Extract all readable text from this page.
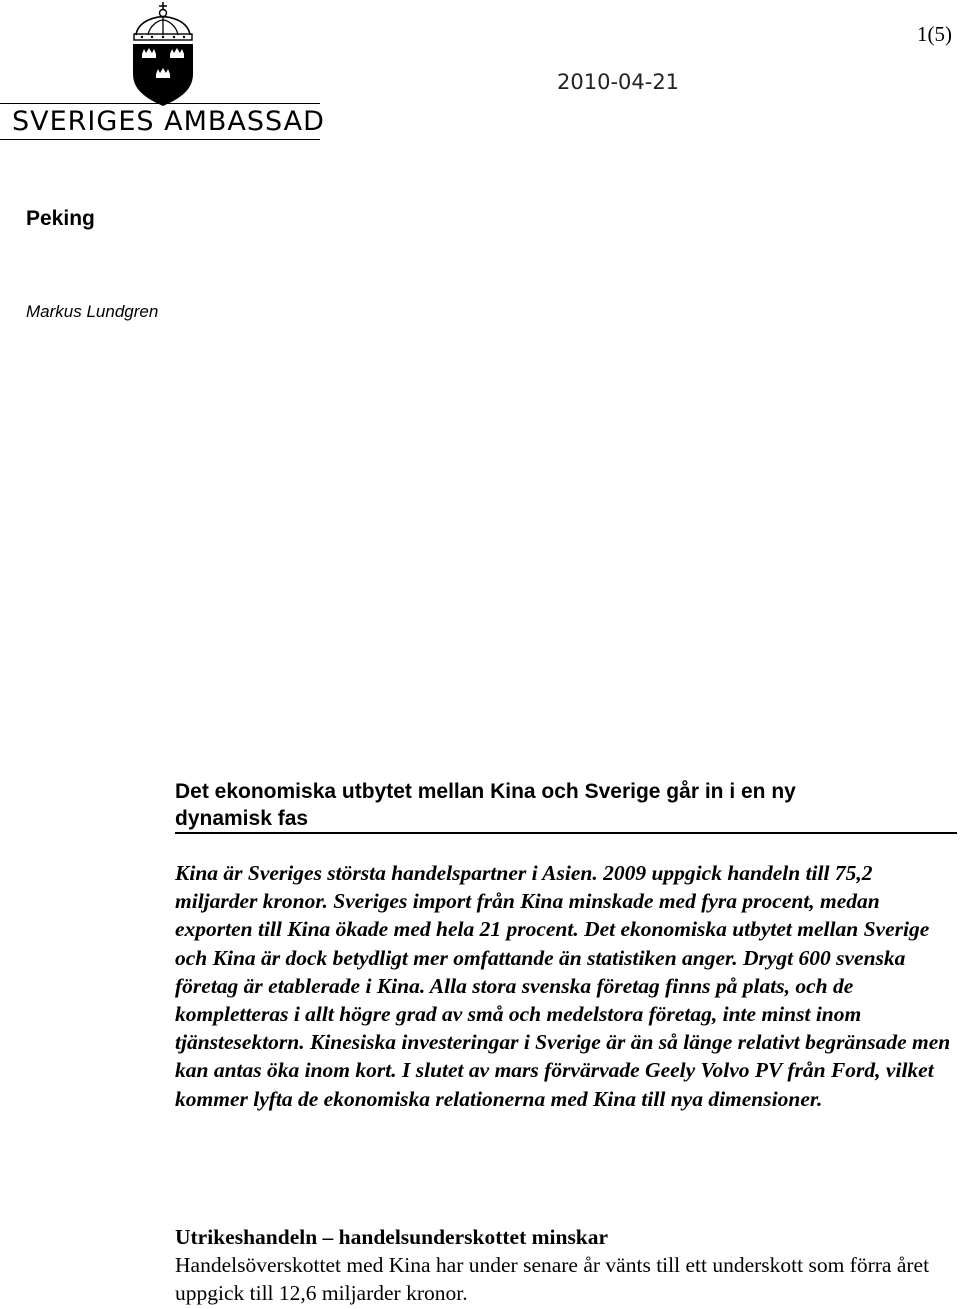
SVERIGES AMBASSAD
1(5)
2010-04-21
Peking
Markus Lundgren
Det ekonomiska utbytet mellan Kina och Sverige går in i en ny dynamisk fas
Kina är Sveriges största handelspartner i Asien. 2009 uppgick handeln till 75,2 miljarder kronor. Sveriges import från Kina minskade med fyra procent, medan exporten till Kina ökade med hela 21 procent. Det ekonomiska utbytet mellan Sverige och Kina är dock betydligt mer omfattande än statistiken anger. Drygt 600 svenska företag är etablerade i Kina. Alla stora svenska företag finns på plats, och de kompletteras i allt högre grad av små och medelstora företag, inte minst inom tjänstesektorn. Kinesiska investeringar i Sverige är än så länge relativt begränsade men kan antas öka inom kort. I slutet av mars förvärvade Geely Volvo PV från Ford, vilket kommer lyfta de ekonomiska relationerna med Kina till nya dimensioner.
Utrikeshandeln – handelsunderskottet minskar
Handelsöverskottet med Kina har under senare år vänts till ett underskott som förra året uppgick till 12,6 miljarder kronor.
